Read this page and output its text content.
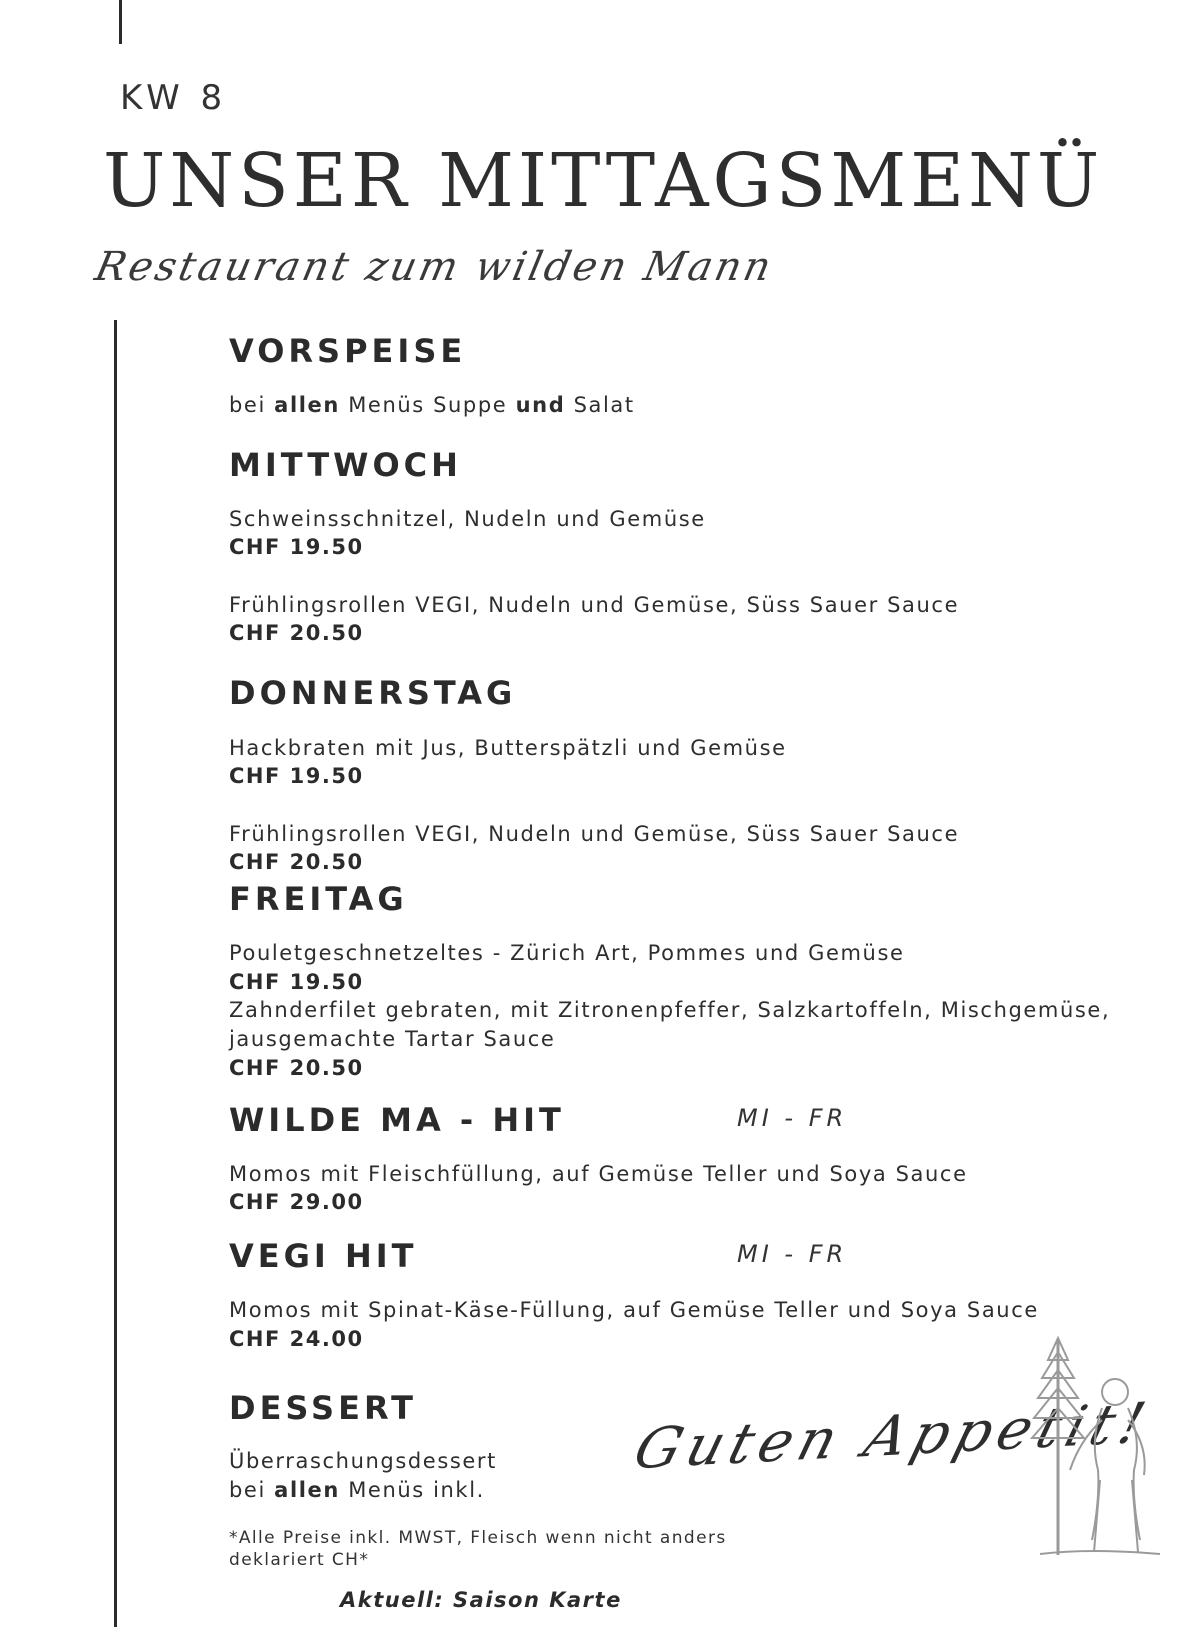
KW 8
UNSER MITTAGSMENÜ
Restaurant zum wilden Mann
VORSPEISE
bei allen Menüs Suppe und Salat
MITTWOCH
Schweinsschnitzel, Nudeln und Gemüse
CHF 19.50
Frühlingsrollen VEGI, Nudeln und Gemüse, Süss Sauer Sauce
CHF 20.50
DONNERSTAG
Hackbraten mit Jus, Butterspätzli und Gemüse
CHF 19.50
Frühlingsrollen VEGI, Nudeln und Gemüse, Süss Sauer Sauce
CHF 20.50
FREITAG
Pouletgeschnetzeltes - Zürich Art, Pommes und Gemüse
CHF 19.50
Zahnderfilet gebraten, mit Zitronenpfeffer, Salzkartoffeln, Mischgemüse,
jausgemachte Tartar Sauce
CHF 20.50
WILDE MA - HIT	MI - FR
Momos mit Fleischfüllung, auf Gemüse Teller und Soya Sauce
CHF 29.00
VEGI HIT	MI - FR
Momos mit Spinat-Käse-Füllung, auf Gemüse Teller und Soya Sauce
CHF 24.00
DESSERT
Überraschungsdessert
bei allen Menüs inkl.
Guten Appetit!
*Alle Preise inkl. MWST, Fleisch wenn nicht anders
deklariert CH*
Aktuell: Saison Karte
